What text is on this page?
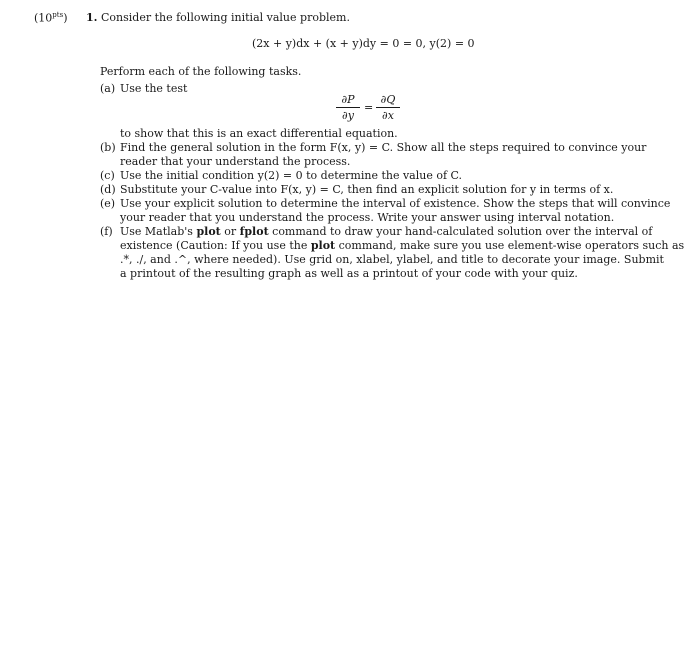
$(10^{pts})$ 1. Consider the following initial value problem.
(2x + y)dx + (x + y)dy = 0 = 0, y(2) = 0
Perform each of the following tasks.
(a) Use the test
$\frac{\partial P}{\partial y} = \frac{\partial Q}{\partial x}$
to show that this is an exact differential equation.
(b) Find the general solution in the form F(x, y) = C. Show all the steps required to convince your
reader that your understand the process.
(c) Use the initial condition y(2) = 0 to determine the value of C.
(d) Substitute your C-value into F(x, y) = C, then find an explicit solution for y in terms of x.
(e) Use your explicit solution to determine the interval of existence. Show the steps that will convince
your reader that you understand the process. Write your answer using interval notation.
(f) Use Matlab's plot or fplot command to draw your hand-calculated solution over the interval of
existence (Caution: If you use the plot command, make sure you use element-wise operators such as
.*, ./, and .^, where needed). Use grid on, xlabel, ylabel, and title to decorate your image. Submit
a printout of the resulting graph as well as a printout of your code with your quiz.
